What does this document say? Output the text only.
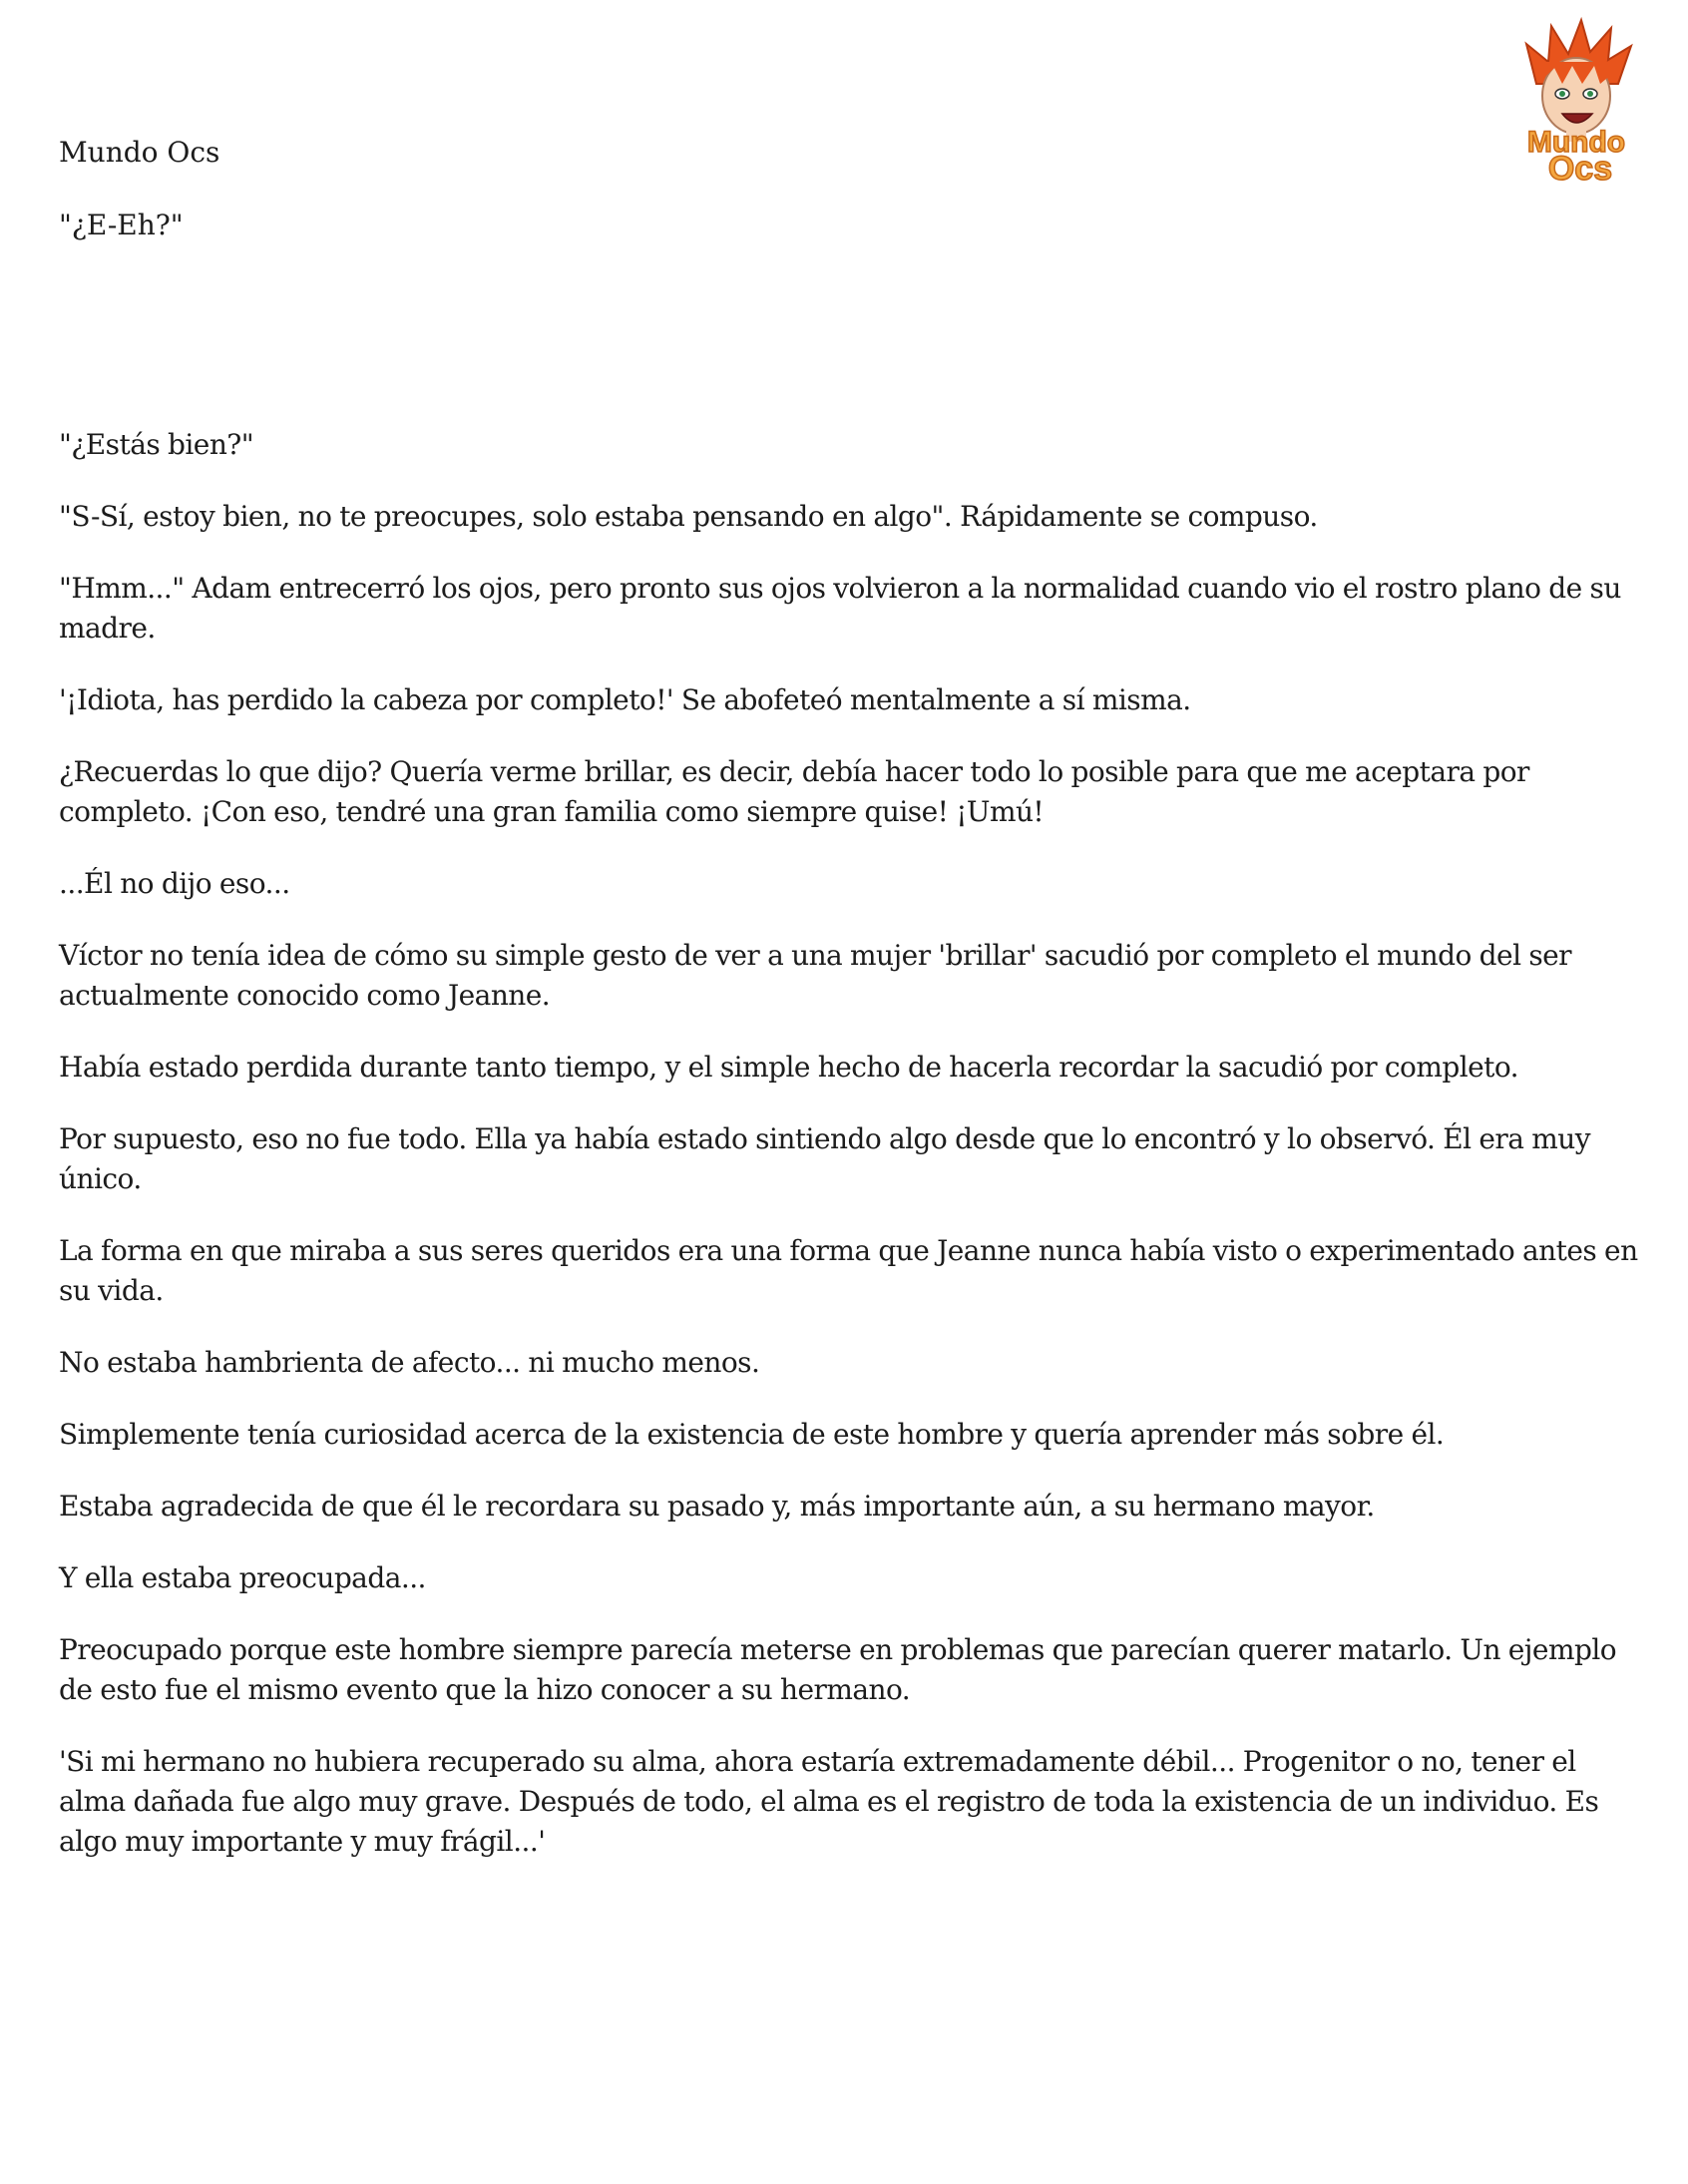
Mundo
Ocs
Mundo Ocs

"¿E-Eh?"

"¿Estás bien?"

"S-Sí, estoy bien, no te preocupes, solo estaba pensando en algo". Rápidamente se compuso.

"Hmm..." Adam entrecerró los ojos, pero pronto sus ojos volvieron a la normalidad cuando vio el rostro plano de su madre.

'¡Idiota, has perdido la cabeza por completo!' Se abofeteó mentalmente a sí misma.

¿Recuerdas lo que dijo? Quería verme brillar, es decir, debía hacer todo lo posible para que me aceptara por completo. ¡Con eso, tendré una gran familia como siempre quise! ¡Umú!

...Él no dijo eso...

Víctor no tenía idea de cómo su simple gesto de ver a una mujer 'brillar' sacudió por completo el mundo del ser actualmente conocido como Jeanne.

Había estado perdida durante tanto tiempo, y el simple hecho de hacerla recordar la sacudió por completo.

Por supuesto, eso no fue todo. Ella ya había estado sintiendo algo desde que lo encontró y lo observó. Él era muy único.

La forma en que miraba a sus seres queridos era una forma que Jeanne nunca había visto o experimentado antes en su vida.

No estaba hambrienta de afecto... ni mucho menos.

Simplemente tenía curiosidad acerca de la existencia de este hombre y quería aprender más sobre él.

Estaba agradecida de que él le recordara su pasado y, más importante aún, a su hermano mayor.

Y ella estaba preocupada...

Preocupado porque este hombre siempre parecía meterse en problemas que parecían querer matarlo. Un ejemplo de esto fue el mismo evento que la hizo conocer a su hermano.

'Si mi hermano no hubiera recuperado su alma, ahora estaría extremadamente débil... Progenitor o no, tener el alma dañada fue algo muy grave. Después de todo, el alma es el registro de toda la existencia de un individuo. Es algo muy importante y muy frágil...'
